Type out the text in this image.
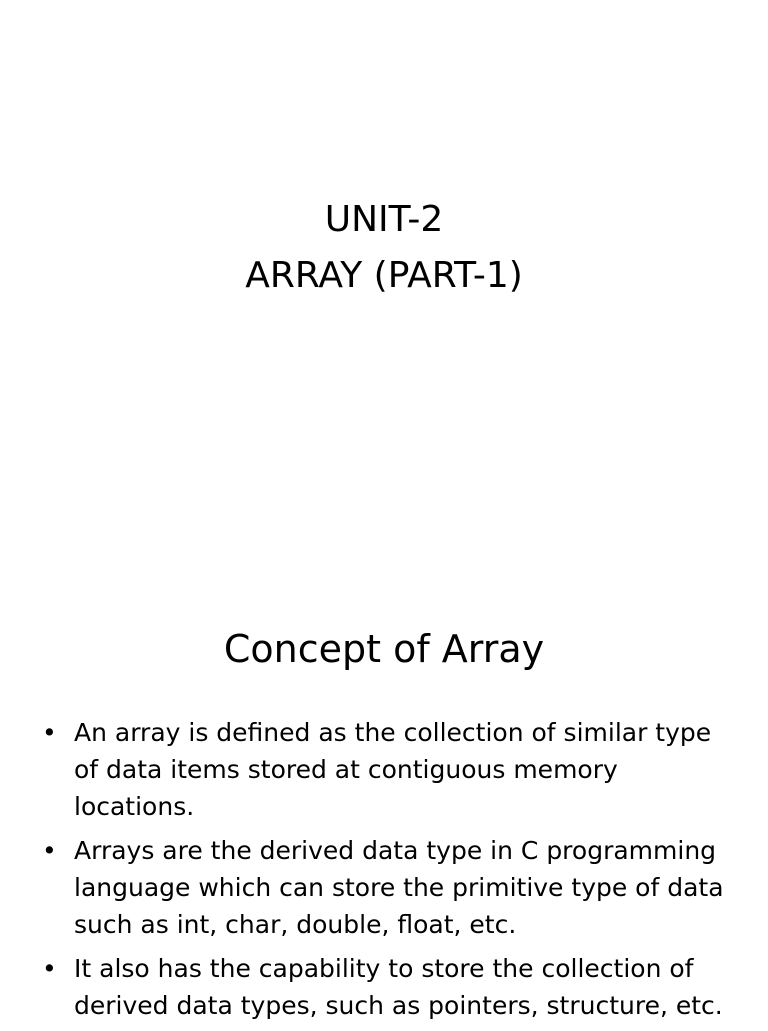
UNIT-2
ARRAY (PART-1)
Concept of Array
• An array is defined as the collection of similar type of data items stored at contiguous memory locations.
• Arrays are the derived data type in C programming language which can store the primitive type of data such as int, char, double, float, etc.
• It also has the capability to store the collection of derived data types, such as pointers, structure, etc.
